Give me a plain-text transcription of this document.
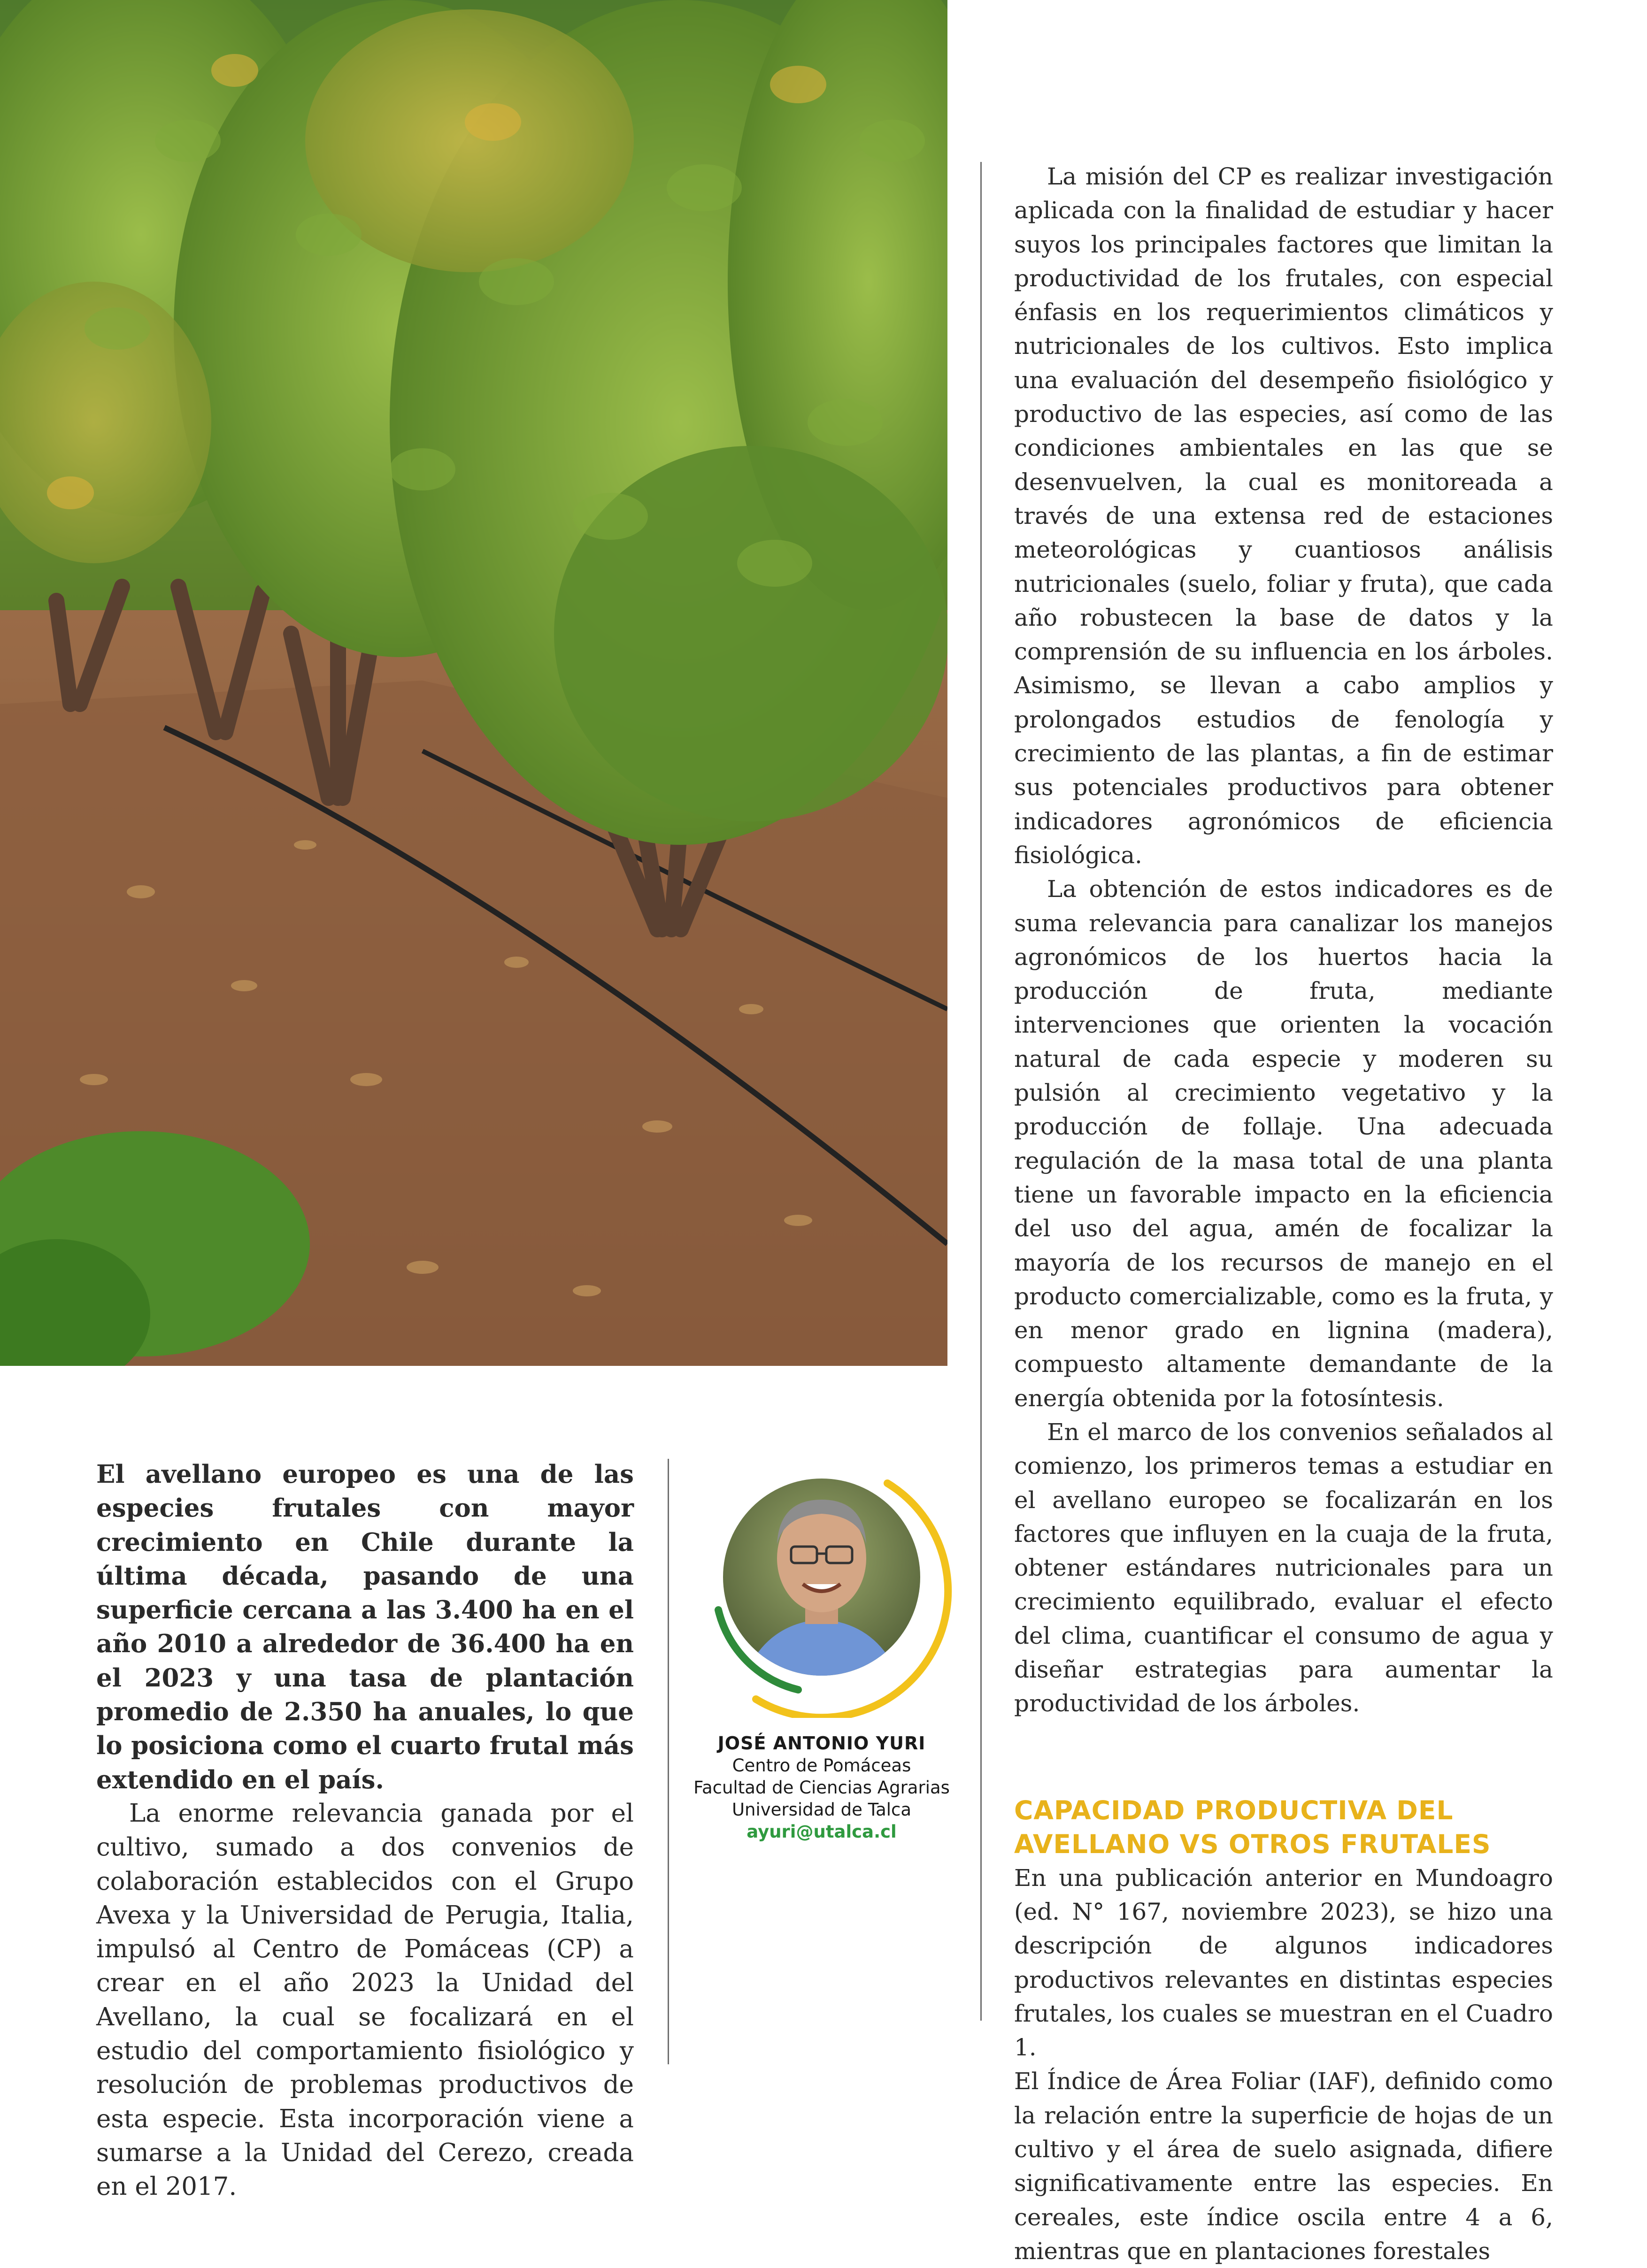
La misión del CP es realizar investigación aplicada con la finalidad de estudiar y hacer suyos los principales factores que limitan la productividad de los frutales, con especial énfasis en los requerimientos climáticos y nutricionales de los cultivos. Esto implica una evaluación del desempeño fisiológico y productivo de las especies, así como de las condiciones ambientales en las que se desenvuelven, la cual es monitoreada a través de una extensa red de estaciones meteorológicas y cuantiosos análisis nutricionales (suelo, foliar y fruta), que cada año robustecen la base de datos y la comprensión de su influencia en los árboles. Asimismo, se llevan a cabo amplios y prolongados estudios de fenología y crecimiento de las plantas, a fin de estimar sus potenciales productivos para obtener indicadores agronómicos de eficiencia fisiológica.

La obtención de estos indicadores es de suma relevancia para canalizar los manejos agronómicos de los huertos hacia la producción de fruta, mediante intervenciones que orienten la vocación natural de cada especie y moderen su pulsión al crecimiento vegetativo y la producción de follaje. Una adecuada regulación de la masa total de una planta tiene un favorable impacto en la eficiencia del uso del agua, amén de focalizar la mayoría de los recursos de manejo en el producto comercializable, como es la fruta, y en menor grado en lignina (madera), compuesto altamente demandante de la energía obtenida por la fotosíntesis.

En el marco de los convenios señalados al comienzo, los primeros temas a estudiar en el avellano europeo se focalizarán en los factores que influyen en la cuaja de la fruta, obtener estándares nutricionales para un crecimiento equilibrado, evaluar el efecto del clima, cuantificar el consumo de agua y diseñar estrategias para aumentar la productividad de los árboles.

CAPACIDAD PRODUCTIVA DEL
AVELLANO VS OTROS FRUTALES

En una publicación anterior en Mundoagro (ed. N° 167, noviembre 2023), se hizo una descripción de algunos indicadores productivos relevantes en distintas especies frutales, los cuales se muestran en el Cuadro 1.

El Índice de Área Foliar (IAF), definido como la relación entre la superficie de hojas de un cultivo y el área de suelo asignada, difiere significativamente entre las especies. En cereales, este índice oscila entre 4 a 6, mientras que en plantaciones forestales

El avellano europeo es una de las especies frutales con mayor crecimiento en Chile durante la última década, pasando de una superficie cercana a las 3.400 ha en el año 2010 a alrededor de 36.400 ha en el 2023 y una tasa de plantación promedio de 2.350 ha anuales, lo que lo posiciona como el cuarto frutal más extendido en el país.

La enorme relevancia ganada por el cultivo, sumado a dos convenios de colaboración establecidos con el Grupo Avexa y la Universidad de Perugia, Italia, impulsó al Centro de Pomáceas (CP) a crear en el año 2023 la Unidad del Avellano, la cual se focalizará en el estudio del comportamiento fisiológico y resolución de problemas productivos de esta especie. Esta incorporación viene a sumarse a la Unidad del Cerezo, creada en el 2017.

JOSÉ ANTONIO YURI
Centro de Pomáceas
Facultad de Ciencias Agrarias
Universidad de Talca
ayuri@utalca.cl
